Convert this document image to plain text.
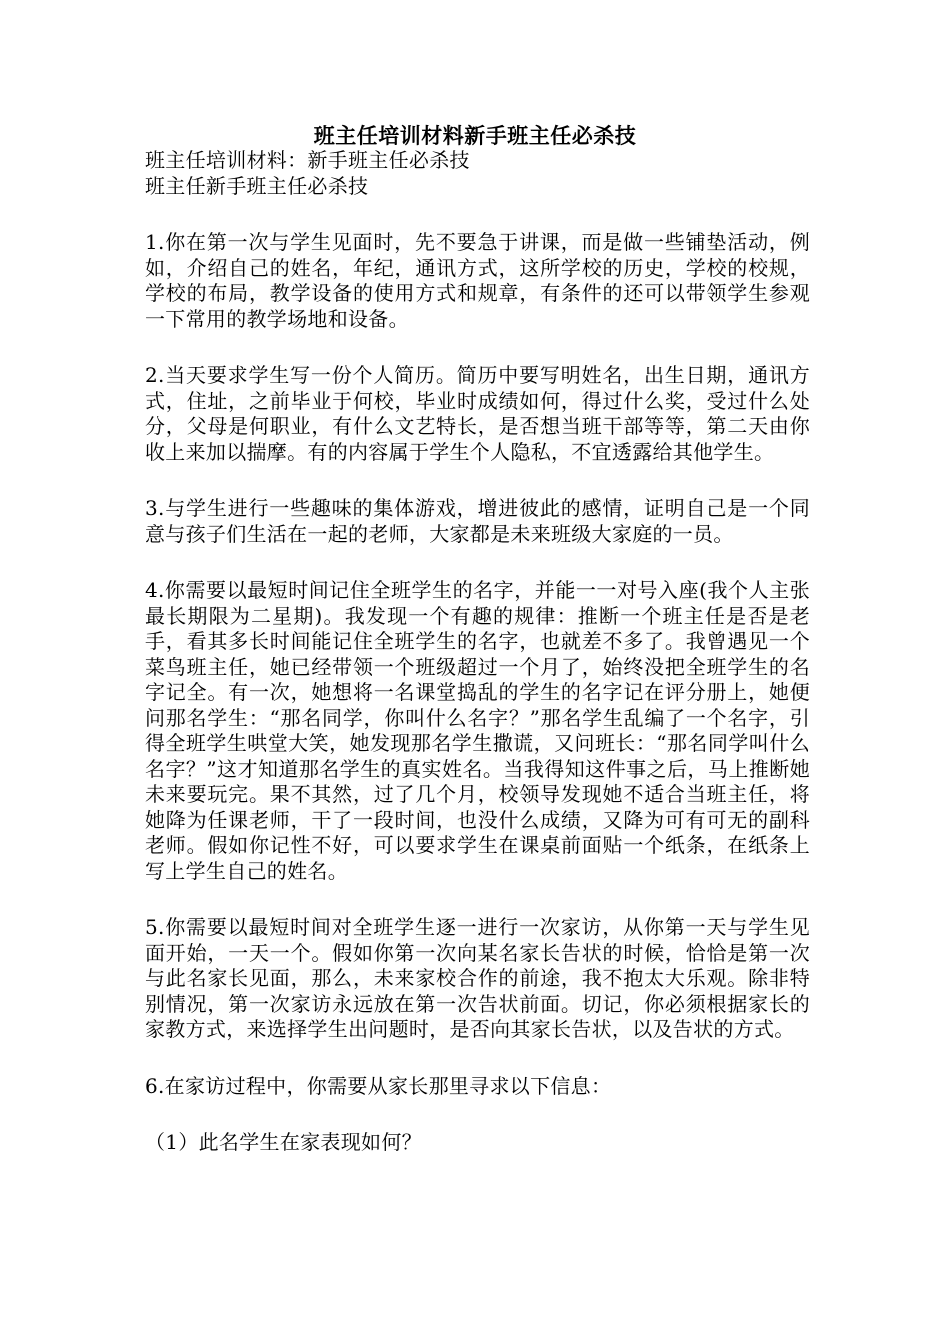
班主任培训材料新手班主任必杀技

班主任培训材料：新手班主任必杀技

班主任新手班主任必杀技

1.你在第一次与学生见面时，先不要急于讲课，而是做一些铺垫活动，例如，介绍自己的姓名，年纪，通讯方式，这所学校的历史，学校的校规，学校的布局，教学设备的使用方式和规章，有条件的还可以带领学生参观一下常用的教学场地和设备。

2.当天要求学生写一份个人简历。简历中要写明姓名，出生日期，通讯方式，住址，之前毕业于何校，毕业时成绩如何，得过什么奖，受过什么处分，父母是何职业，有什么文艺特长，是否想当班干部等等，第二天由你收上来加以揣摩。有的内容属于学生个人隐私，不宜透露给其他学生。

3.与学生进行一些趣味的集体游戏，增进彼此的感情，证明自己是一个同意与孩子们生活在一起的老师，大家都是未来班级大家庭的一员。

4.你需要以最短时间记住全班学生的名字，并能一一对号入座(我个人主张最长期限为二星期)。我发现一个有趣的规律：推断一个班主任是否是老手，看其多长时间能记住全班学生的名字，也就差不多了。我曾遇见一个菜鸟班主任，她已经带领一个班级超过一个月了，始终没把全班学生的名字记全。有一次，她想将一名课堂捣乱的学生的名字记在评分册上，她便问那名学生：“那名同学，你叫什么名字？”那名学生乱编了一个名字，引得全班学生哄堂大笑，她发现那名学生撒谎，又问班长：“那名同学叫什么名字？”这才知道那名学生的真实姓名。当我得知这件事之后，马上推断她未来要玩完。果不其然，过了几个月，校领导发现她不适合当班主任，将她降为任课老师，干了一段时间，也没什么成绩，又降为可有可无的副科老师。假如你记性不好，可以要求学生在课桌前面贴一个纸条，在纸条上写上学生自己的姓名。

5.你需要以最短时间对全班学生逐一进行一次家访，从你第一天与学生见面开始，一天一个。假如你第一次向某名家长告状的时候，恰恰是第一次与此名家长见面，那么，未来家校合作的前途，我不抱太大乐观。除非特别情况，第一次家访永远放在第一次告状前面。切记，你必须根据家长的家教方式，来选择学生出问题时，是否向其家长告状，以及告状的方式。

6.在家访过程中，你需要从家长那里寻求以下信息：

（1）此名学生在家表现如何？
